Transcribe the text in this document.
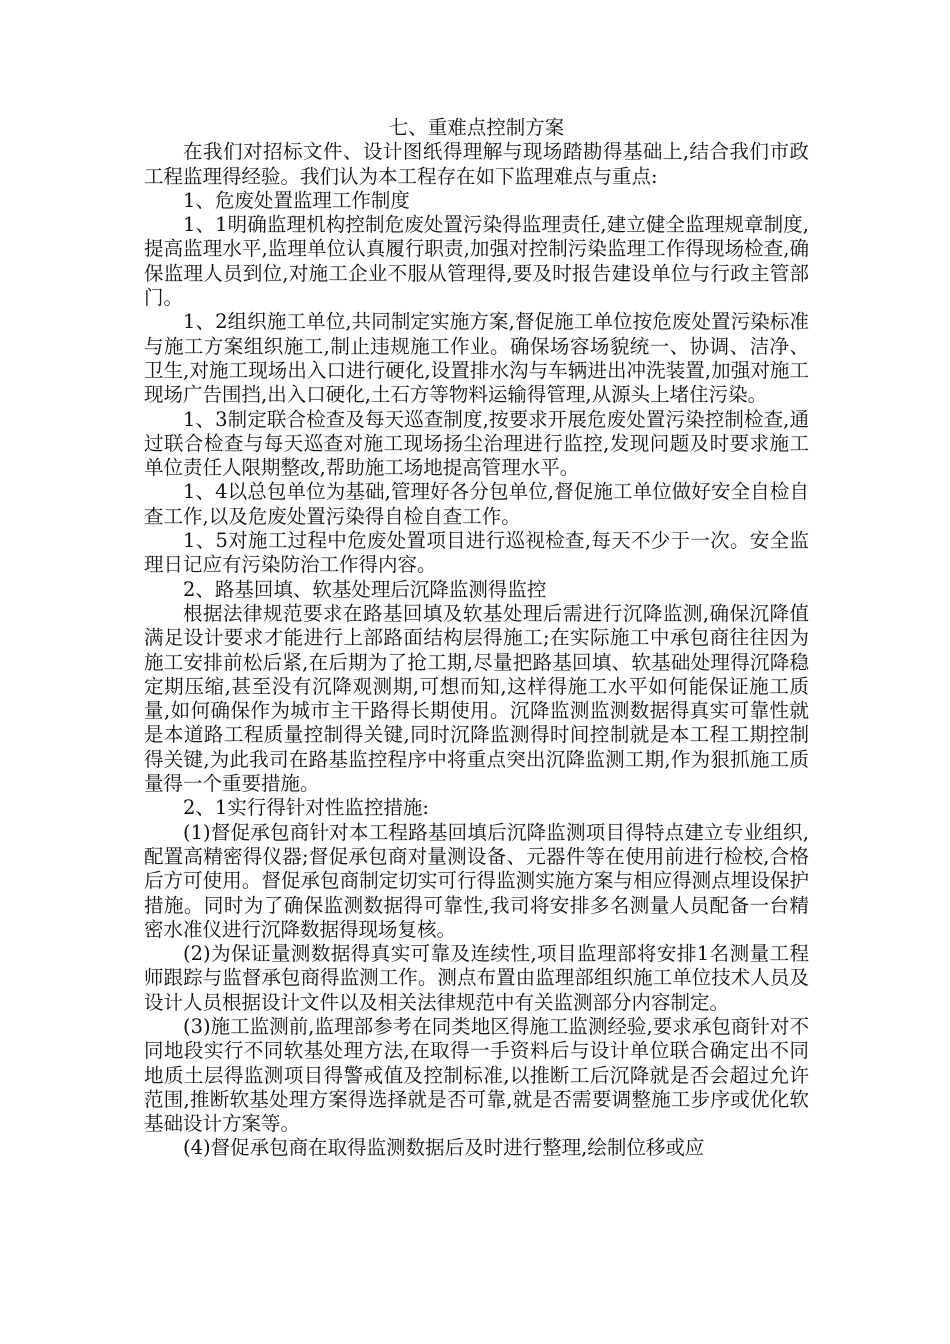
七、重难点控制方案

在我们对招标文件、设计图纸得理解与现场踏勘得基础上,结合我们市政工程监理得经验。我们认为本工程存在如下监理难点与重点:

1、危废处置监理工作制度

1、1明确监理机构控制危废处置污染得监理责任,建立健全监理规章制度,提高监理水平,监理单位认真履行职责,加强对控制污染监理工作得现场检查,确保监理人员到位,对施工企业不服从管理得,要及时报告建设单位与行政主管部门。

1、2组织施工单位,共同制定实施方案,督促施工单位按危废处置污染标准与施工方案组织施工,制止违规施工作业。确保场容场貌统一、协调、洁净、卫生,对施工现场出入口进行硬化,设置排水沟与车辆进出冲洗装置,加强对施工现场广告围挡,出入口硬化,土石方等物料运输得管理,从源头上堵住污染。

1、3制定联合检查及每天巡查制度,按要求开展危废处置污染控制检查,通过联合检查与每天巡查对施工现场扬尘治理进行监控,发现问题及时要求施工单位责任人限期整改,帮助施工场地提高管理水平。

1、4以总包单位为基础,管理好各分包单位,督促施工单位做好安全自检自查工作,以及危废处置污染得自检自查工作。

1、5对施工过程中危废处置项目进行巡视检查,每天不少于一次。安全监理日记应有污染防治工作得内容。

2、路基回填、软基处理后沉降监测得监控

根据法律规范要求在路基回填及软基处理后需进行沉降监测,确保沉降值满足设计要求才能进行上部路面结构层得施工;在实际施工中承包商往往因为施工安排前松后紧,在后期为了抢工期,尽量把路基回填、软基础处理得沉降稳定期压缩,甚至没有沉降观测期,可想而知,这样得施工水平如何能保证施工质量,如何确保作为城市主干路得长期使用。沉降监测监测数据得真实可靠性就是本道路工程质量控制得关键,同时沉降监测得时间控制就是本工程工期控制得关键,为此我司在路基监控程序中将重点突出沉降监测工期,作为狠抓施工质量得一个重要措施。

2、1实行得针对性监控措施:

(1)督促承包商针对本工程路基回填后沉降监测项目得特点建立专业组织,配置高精密得仪器;督促承包商对量测设备、元器件等在使用前进行检校,合格后方可使用。督促承包商制定切实可行得监测实施方案与相应得测点埋设保护措施。同时为了确保监测数据得可靠性,我司将安排多名测量人员配备一台精密水准仪进行沉降数据得现场复核。

(2)为保证量测数据得真实可靠及连续性,项目监理部将安排1名测量工程师跟踪与监督承包商得监测工作。测点布置由监理部组织施工单位技术人员及设计人员根据设计文件以及相关法律规范中有关监测部分内容制定。

(3)施工监测前,监理部参考在同类地区得施工监测经验,要求承包商针对不同地段实行不同软基处理方法,在取得一手资料后与设计单位联合确定出不同地质土层得监测项目得警戒值及控制标准,以推断工后沉降就是否会超过允许范围,推断软基处理方案得选择就是否可靠,就是否需要调整施工步序或优化软基础设计方案等。

(4)督促承包商在取得监测数据后及时进行整理,绘制位移或应
